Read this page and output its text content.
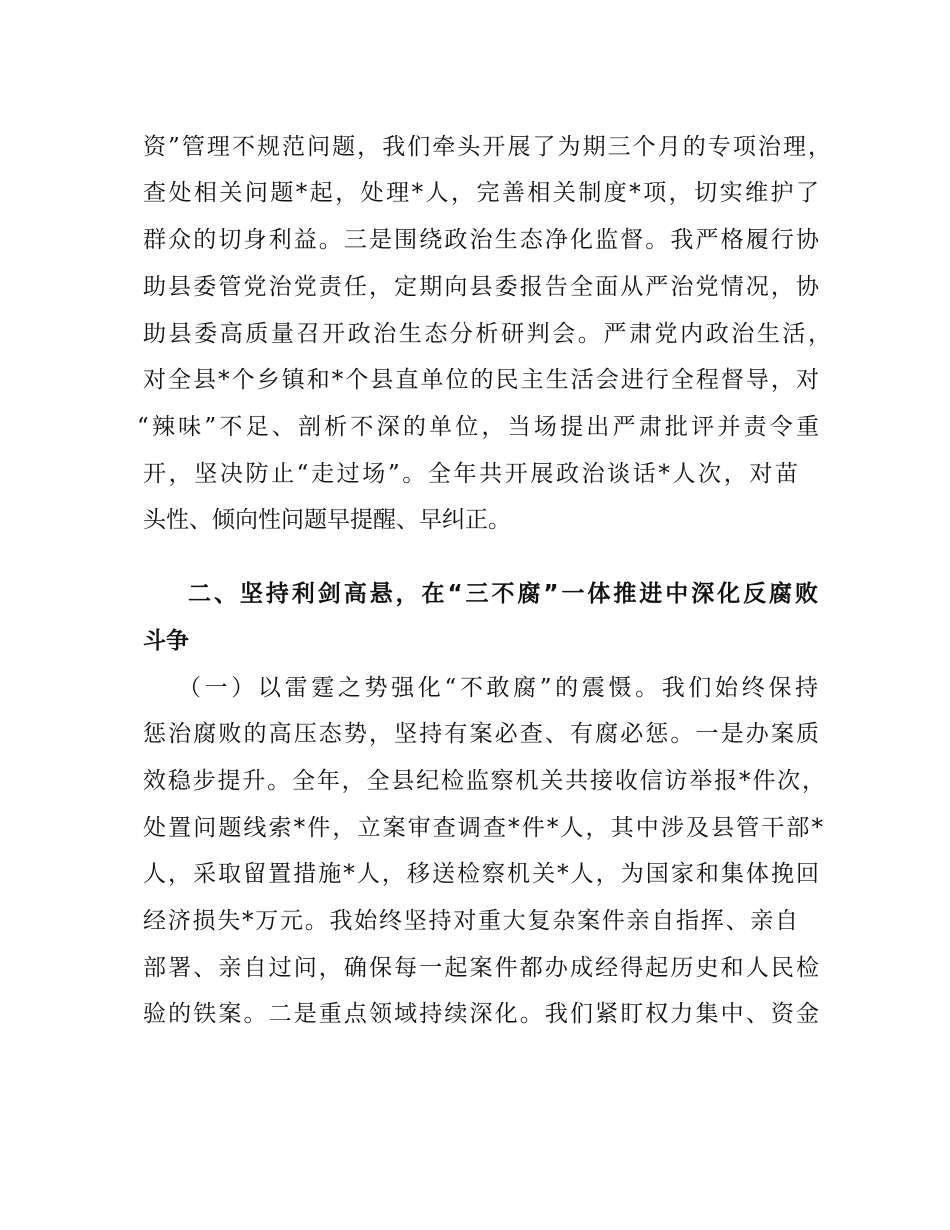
资”管理不规范问题，我们牵头开展了为期三个月的专项治理，
查处相关问题*起，处理*人，完善相关制度*项，切实维护了
群众的切身利益。三是围绕政治生态净化监督。我严格履行协
助县委管党治党责任，定期向县委报告全面从严治党情况，协
助县委高质量召开政治生态分析研判会。严肃党内政治生活，
对全县*个乡镇和*个县直单位的民主生活会进行全程督导，对
“辣味”不足、剖析不深的单位，当场提出严肃批评并责令重
开，坚决防止“走过场”。全年共开展政治谈话*人次，对苗
头性、倾向性问题早提醒、早纠正。
二、坚持利剑高悬，在“三不腐”一体推进中深化反腐败
斗争
（一）以雷霆之势强化“不敢腐”的震慑。我们始终保持
惩治腐败的高压态势，坚持有案必查、有腐必惩。一是办案质
效稳步提升。全年，全县纪检监察机关共接收信访举报*件次，
处置问题线索*件，立案审查调查*件*人，其中涉及县管干部*
人，采取留置措施*人，移送检察机关*人，为国家和集体挽回
经济损失*万元。我始终坚持对重大复杂案件亲自指挥、亲自
部署、亲自过问，确保每一起案件都办成经得起历史和人民检
验的铁案。二是重点领域持续深化。我们紧盯权力集中、资金
